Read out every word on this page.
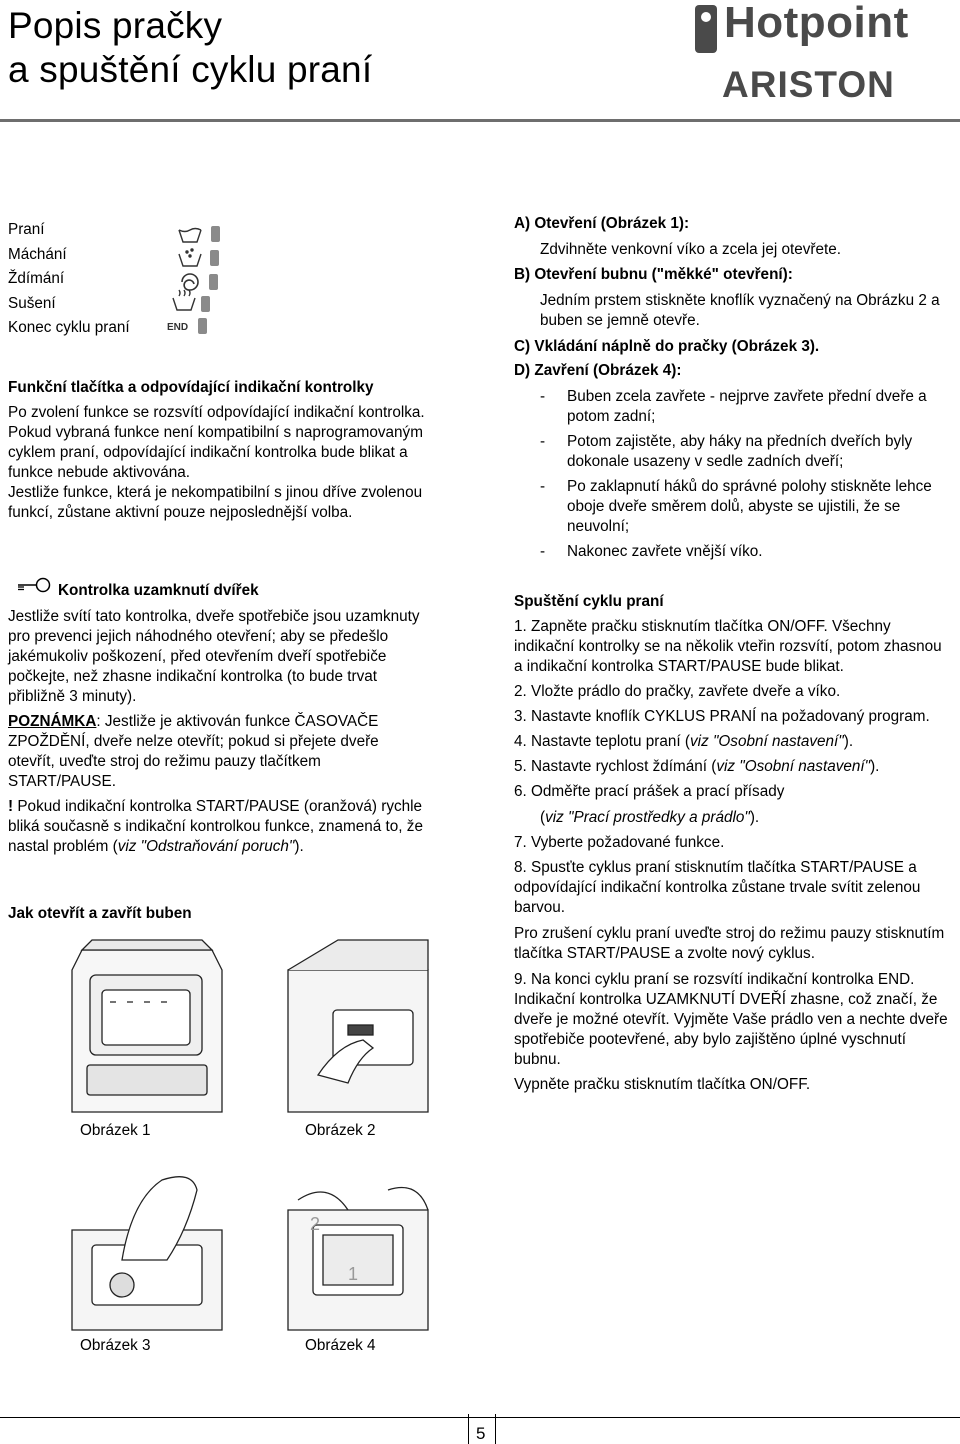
Popis pračky
a spuštění cyklu praní
Hotpoint
ARISTON
Praní
Máchání
Ždímání
Sušení
Konec cyklu praní	END

Funkční tlačítka a odpovídající indikační kontrolky

Po zvolení funkce se rozsvítí odpovídající indikační kontrolka.

Pokud vybraná funkce není kompatibilní s naprogramovaným cyklem praní, odpovídající indikační kontrolka bude blikat a funkce nebude aktivována.

Jestliže funkce, která je nekompatibilní s jinou dříve zvolenou funkcí, zůstane aktivní pouze nejposlednější volba.

Kontrolka uzamknutí dvířek

Jestliže svítí tato kontrolka, dveře spotřebiče jsou uzamknuty pro prevenci jejich náhodného otevření; aby se předešlo jakémukoliv poškození, před otevřením dveří spotřebiče počkejte, než zhasne indikační kontrolka (to bude trvat přibližně 3 minuty).

POZNÁMKA: Jestliže je aktivován funkce ČASOVAČE ZPOŽDĚNÍ, dveře nelze otevřít; pokud si přejete dveře otevřít, uveďte stroj do režimu pauzy tlačítkem START/PAUSE.

! Pokud indikační kontrolka START/PAUSE (oranžová) rychle bliká současně s indikační kontrolkou funkce, znamená to, že nastal problém (viz "Odstraňování poruch").

Jak otevřít a zavřít buben

Obrázek 1	Obrázek 2
2
1
Obrázek 3	Obrázek 4

A) Otevření (Obrázek 1):

Zdvihněte venkovní víko a zcela jej otevřete.

B) Otevření bubnu ("měkké" otevření):

Jedním prstem stiskněte knoflík vyznačený na Obrázku 2 a buben se jemně otevře.

C) Vkládání náplně do pračky (Obrázek 3).

D) Zavření (Obrázek 4):

- Buben zcela zavřete - nejprve zavřete přední dveře a potom zadní;

- Potom zajistěte, aby háky na předních dveřích byly dokonale usazeny v sedle zadních dveří;

- Po zaklapnutí háků do správné polohy stiskněte lehce oboje dveře směrem dolů, abyste se ujistili, že se neuvolní;

- Nakonec zavřete vnější víko.

Spuštění cyklu praní

1. Zapněte pračku stisknutím tlačítka ON/OFF. Všechny indikační kontrolky se na několik vteřin rozsvítí, potom zhasnou a indikační kontrolka START/PAUSE bude blikat.

2. Vložte prádlo do pračky, zavřete dveře a víko.

3. Nastavte knoflík CYKLUS PRANÍ na požadovaný program.

4. Nastavte teplotu praní (viz "Osobní nastavení").

5. Nastavte rychlost ždímání (viz "Osobní nastavení").

6. Odměřte prací prášek a prací přísady

(viz "Prací prostředky a prádlo").

7. Vyberte požadované funkce.

8. Spusťte cyklus praní stisknutím tlačítka START/PAUSE a odpovídající indikační kontrolka zůstane trvale svítit zelenou barvou.

Pro zrušení cyklu praní uveďte stroj do režimu pauzy stisknutím tlačítka START/PAUSE a zvolte nový cyklus.

9. Na konci cyklu praní se rozsvítí indikační kontrolka END. Indikační kontrolka UZAMKNUTÍ DVEŘÍ zhasne, což značí, že dveře je možné otevřít. Vyjměte Vaše prádlo ven a nechte dveře spotřebiče pootevřené, aby bylo zajištěno úplné vyschnutí bubnu.

Vypněte pračku stisknutím tlačítka ON/OFF.

5
